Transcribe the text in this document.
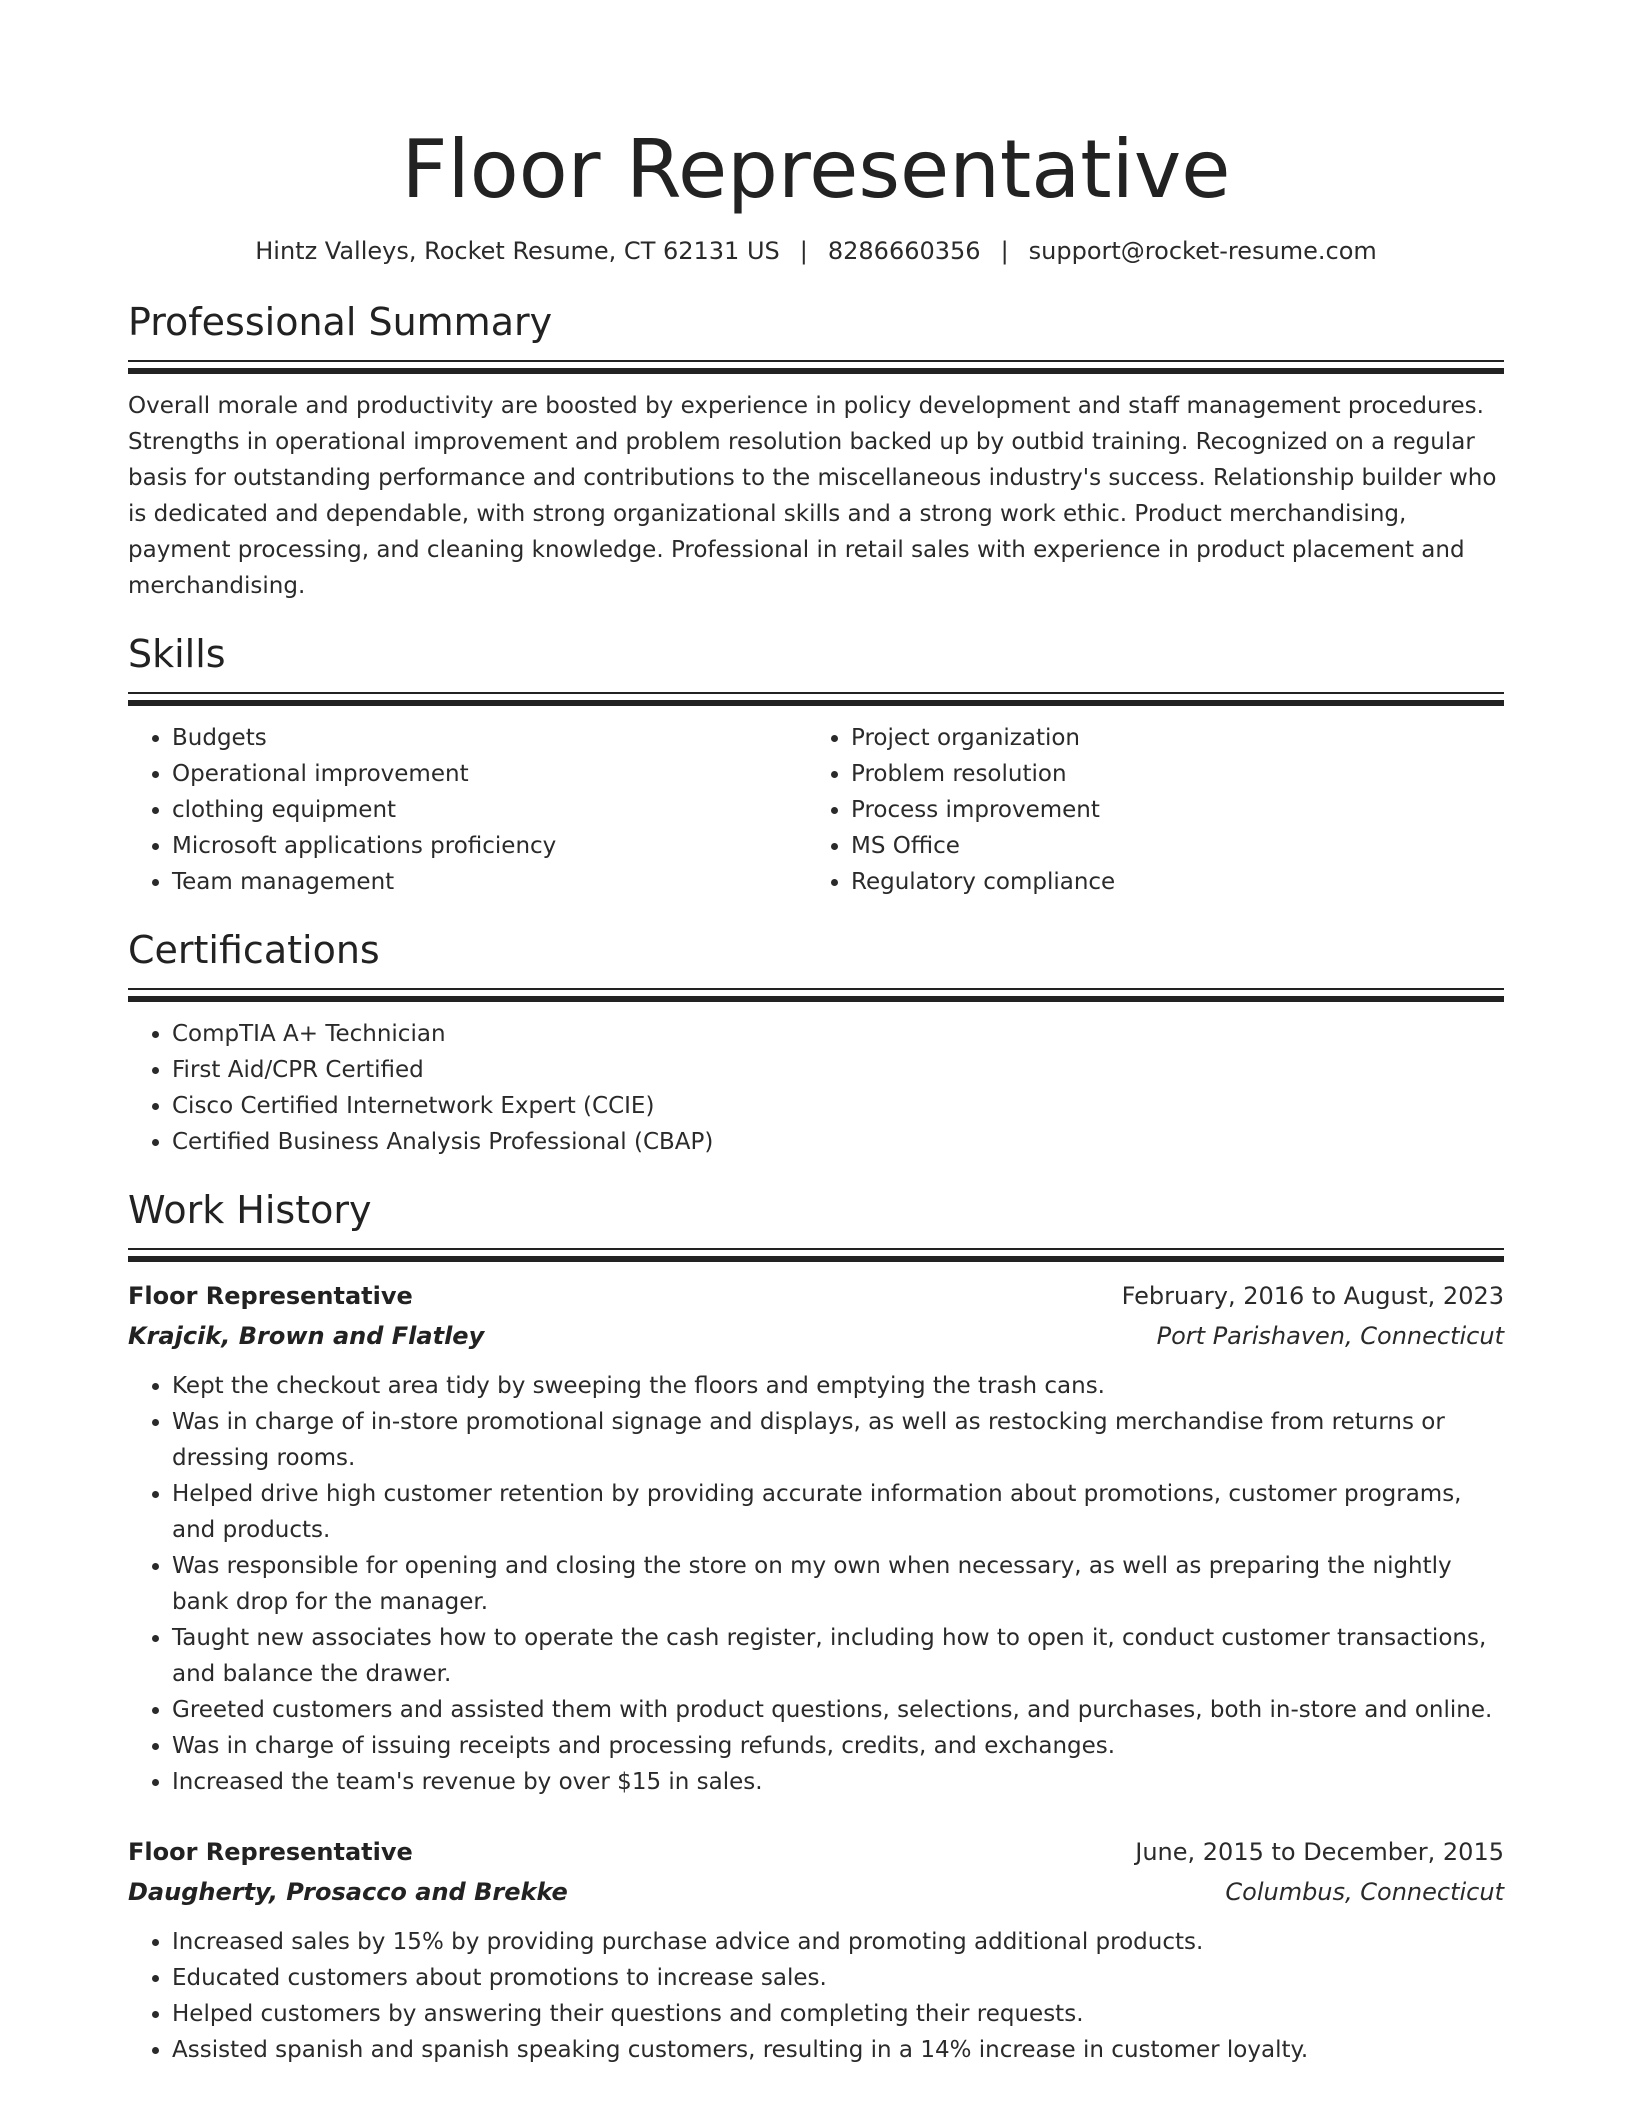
Floor Representative
Hintz Valleys, Rocket Resume, CT 62131 US | 8286660356 | support@rocket-resume.com
Professional Summary

Overall morale and productivity are boosted by experience in policy development and staff management procedures. Strengths in operational improvement and problem resolution backed up by outbid training. Recognized on a regular basis for outstanding performance and contributions to the miscellaneous industry's success. Relationship builder who is dedicated and dependable, with strong organizational skills and a strong work ethic. Product merchandising, payment processing, and cleaning knowledge. Professional in retail sales with experience in product placement and merchandising.

Skills
• Budgets
• Operational improvement
• clothing equipment
• Microsoft applications proficiency
• Team management
• Project organization
• Problem resolution
• Process improvement
• MS Office
• Regulatory compliance
Certifications
• CompTIA A+ Technician
• First Aid/CPR Certified
• Cisco Certified Internetwork Expert (CCIE)
• Certified Business Analysis Professional (CBAP)
Work History
Floor Representative	February, 2016 to August, 2023
Krajcik, Brown and Flatley	Port Parishaven, Connecticut
• Kept the checkout area tidy by sweeping the floors and emptying the trash cans.
• Was in charge of in-store promotional signage and displays, as well as restocking merchandise from returns or dressing rooms.
• Helped drive high customer retention by providing accurate information about promotions, customer programs, and products.
• Was responsible for opening and closing the store on my own when necessary, as well as preparing the nightly bank drop for the manager.
• Taught new associates how to operate the cash register, including how to open it, conduct customer transactions, and balance the drawer.
• Greeted customers and assisted them with product questions, selections, and purchases, both in-store and online.
• Was in charge of issuing receipts and processing refunds, credits, and exchanges.
• Increased the team's revenue by over $15 in sales.
Floor Representative	June, 2015 to December, 2015
Daugherty, Prosacco and Brekke	Columbus, Connecticut
• Increased sales by 15% by providing purchase advice and promoting additional products.
• Educated customers about promotions to increase sales.
• Helped customers by answering their questions and completing their requests.
• Assisted spanish and spanish speaking customers, resulting in a 14% increase in customer loyalty.
